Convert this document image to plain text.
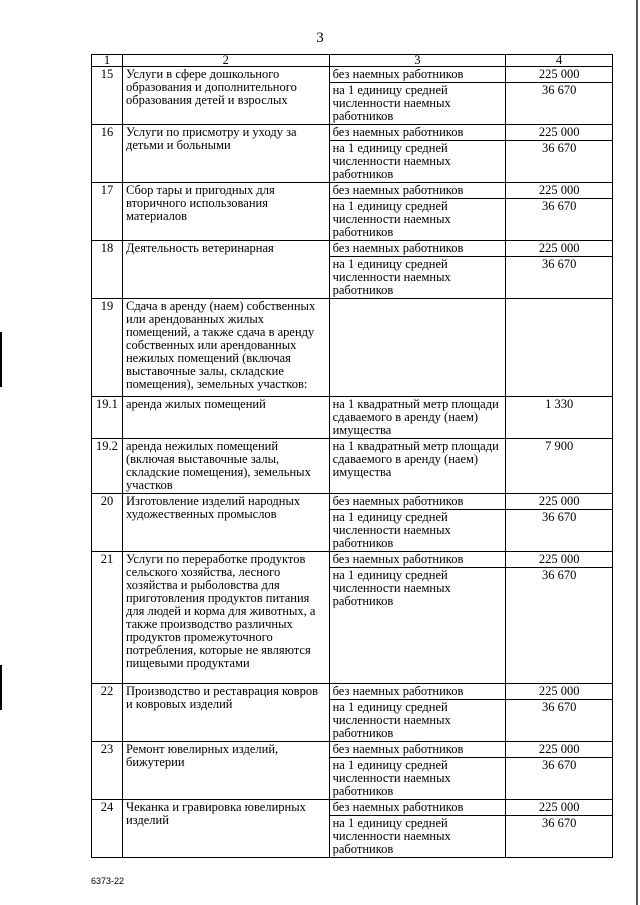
3
1	2	3	4
15	Услуги в сфере дошкольного образования и дополнительного образования детей и взрослых	без наемных работников	225 000
		на 1 единицу средней численности наемных работников	36 670
16	Услуги по присмотру и уходу за детьми и больными	без наемных работников	225 000
		на 1 единицу средней численности наемных работников	36 670
17	Сбор тары и пригодных для вторичного использования материалов	без наемных работников	225 000
		на 1 единицу средней численности наемных работников	36 670
18	Деятельность ветеринарная	без наемных работников	225 000
		на 1 единицу средней численности наемных работников	36 670
19	Сдача в аренду (наем) собственных или арендованных жилых помещений, а также сдача в аренду собственных или арендованных нежилых помещений (включая выставочные залы, складские помещения), земельных участков:		
19.1	аренда жилых помещений	на 1 квадратный метр площади сдаваемого в аренду (наем) имущества	1 330
19.2	аренда нежилых помещений (включая выставочные залы, складские помещения), земельных участков	на 1 квадратный метр площади сдаваемого в аренду (наем) имущества	7 900
20	Изготовление изделий народных художественных промыслов	без наемных работников	225 000
		на 1 единицу средней численности наемных работников	36 670
21	Услуги по переработке продуктов сельского хозяйства, лесного хозяйства и рыболовства для приготовления продуктов питания для людей и корма для животных, а также производство различных продуктов промежуточного потребления, которые не являются пищевыми продуктами	без наемных работников	225 000
		на 1 единицу средней численности наемных работников	36 670
22	Производство и реставрация ковров и ковровых изделий	без наемных работников	225 000
		на 1 единицу средней численности наемных работников	36 670
23	Ремонт ювелирных изделий, бижутерии	без наемных работников	225 000
		на 1 единицу средней численности наемных работников	36 670
24	Чеканка и гравировка ювелирных изделий	без наемных работников	225 000
		на 1 единицу средней численности наемных работников	36 670
6373-22
